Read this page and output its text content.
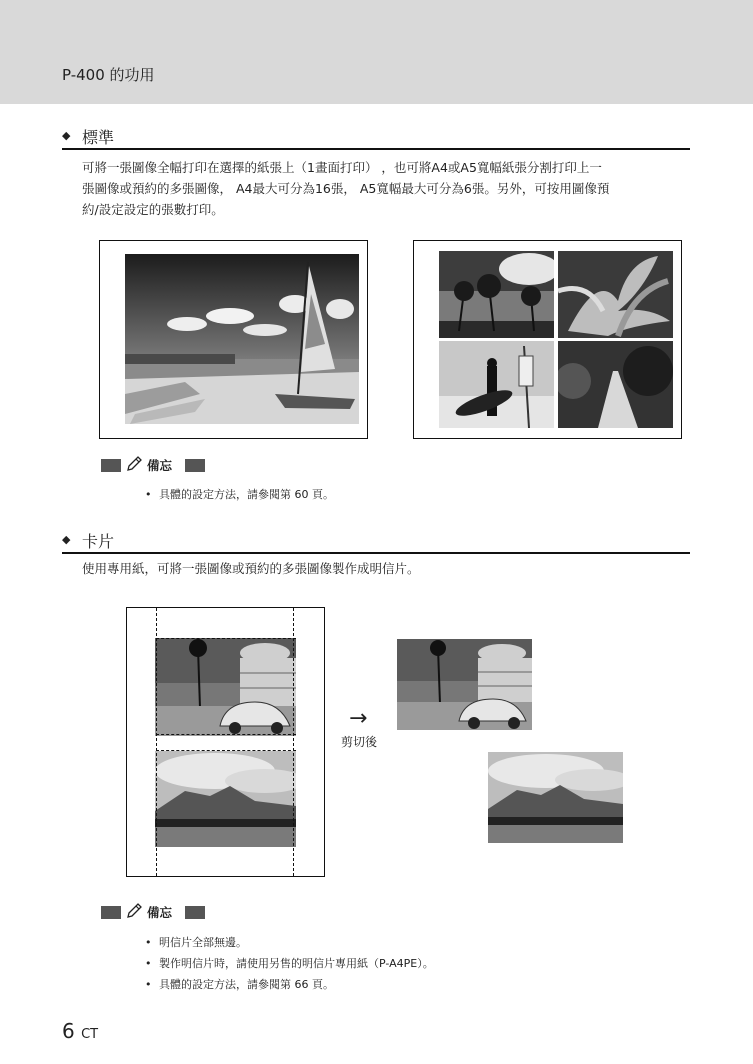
P-400 的功用
◆ 標準
可將一張圖像全幅打印在選擇的紙張上（1畫面打印） ，也可將A4或A5寬幅紙張分割打印上一
張圖像或預約的多張圖像， A4最大可分為16張， A5寬幅最大可分為6張。另外，可按用圖像預
約/設定設定的張數打印。
備忘
• 具體的設定方法，請參閱第 60 頁。
◆ 卡片
使用專用紙，可將一張圖像或預約的多張圖像製作成明信片。
→
剪切後
備忘
• 明信片全部無邊。
• 製作明信片時，請使用另售的明信片專用紙（P-A4PE）。
• 具體的設定方法，請參閱第 66 頁。
6 CT
